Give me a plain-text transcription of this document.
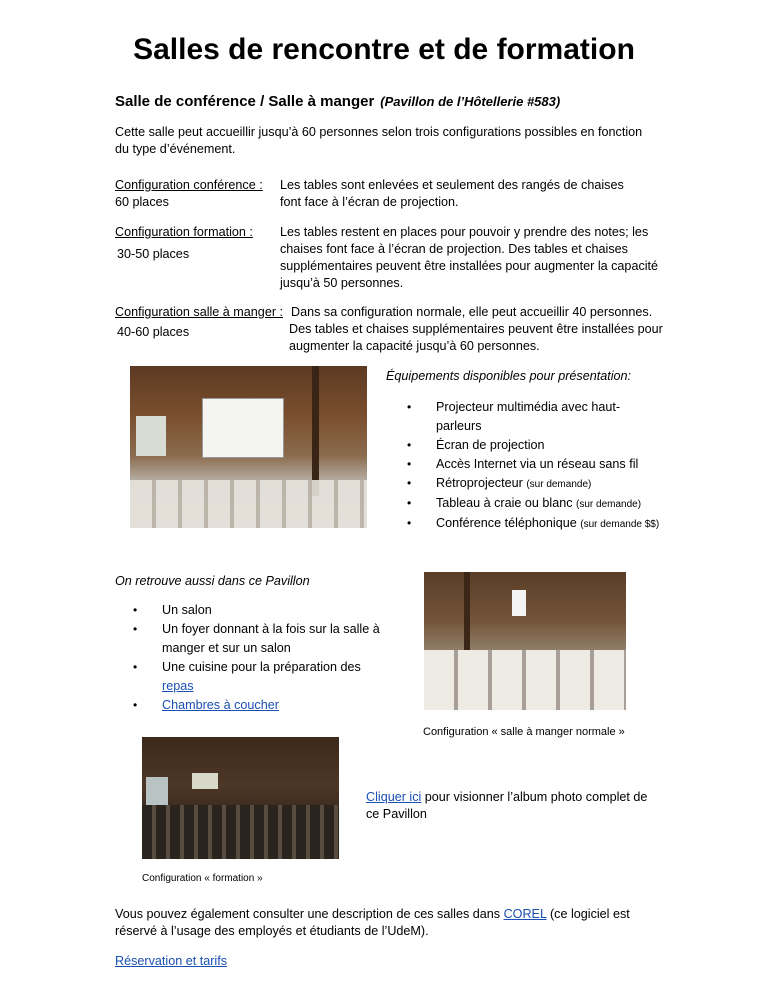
Salles de rencontre et de formation
Salle de conférence / Salle à manger (Pavillon de l’Hôtellerie #583)
Cette salle peut accueillir jusqu’à 60 personnes selon trois configurations possibles en fonction
du type d’événement.
Configuration conférence :
60 places
Les tables sont enlevées et seulement des rangés de chaises
font face à l’écran de projection.
Configuration formation :
30-50 places
Les tables restent en places pour pouvoir y prendre des notes; les
chaises font face à l’écran de projection. Des tables et chaises
supplémentaires peuvent être installées pour augmenter la capacité
jusqu’à 50 personnes.
Configuration salle à manger :
40-60 places
Dans sa configuration normale, elle peut accueillir 40 personnes.
Des tables et chaises supplémentaires peuvent être installées pour
augmenter la capacité jusqu’à 60 personnes.
Équipements disponibles pour présentation:
• Projecteur multimédia avec haut-
parleurs
• Écran de projection
• Accès Internet via un réseau sans fil
• Rétroprojecteur (sur demande)
• Tableau à craie ou blanc (sur demande)
• Conférence téléphonique (sur demande $$)
On retrouve aussi dans ce Pavillon
• Un salon
• Un foyer donnant à la fois sur la salle à
manger et sur un salon
• Une cuisine pour la préparation des
repas
• Chambres à coucher
Configuration « salle à manger normale »
Configuration « formation »
Cliquer ici pour visionner l’album photo complet de
ce Pavillon
Vous pouvez également consulter une description de ces salles dans COREL (ce logiciel est
réservé à l’usage des employés et étudiants de l’UdeM).
Réservation et tarifs
